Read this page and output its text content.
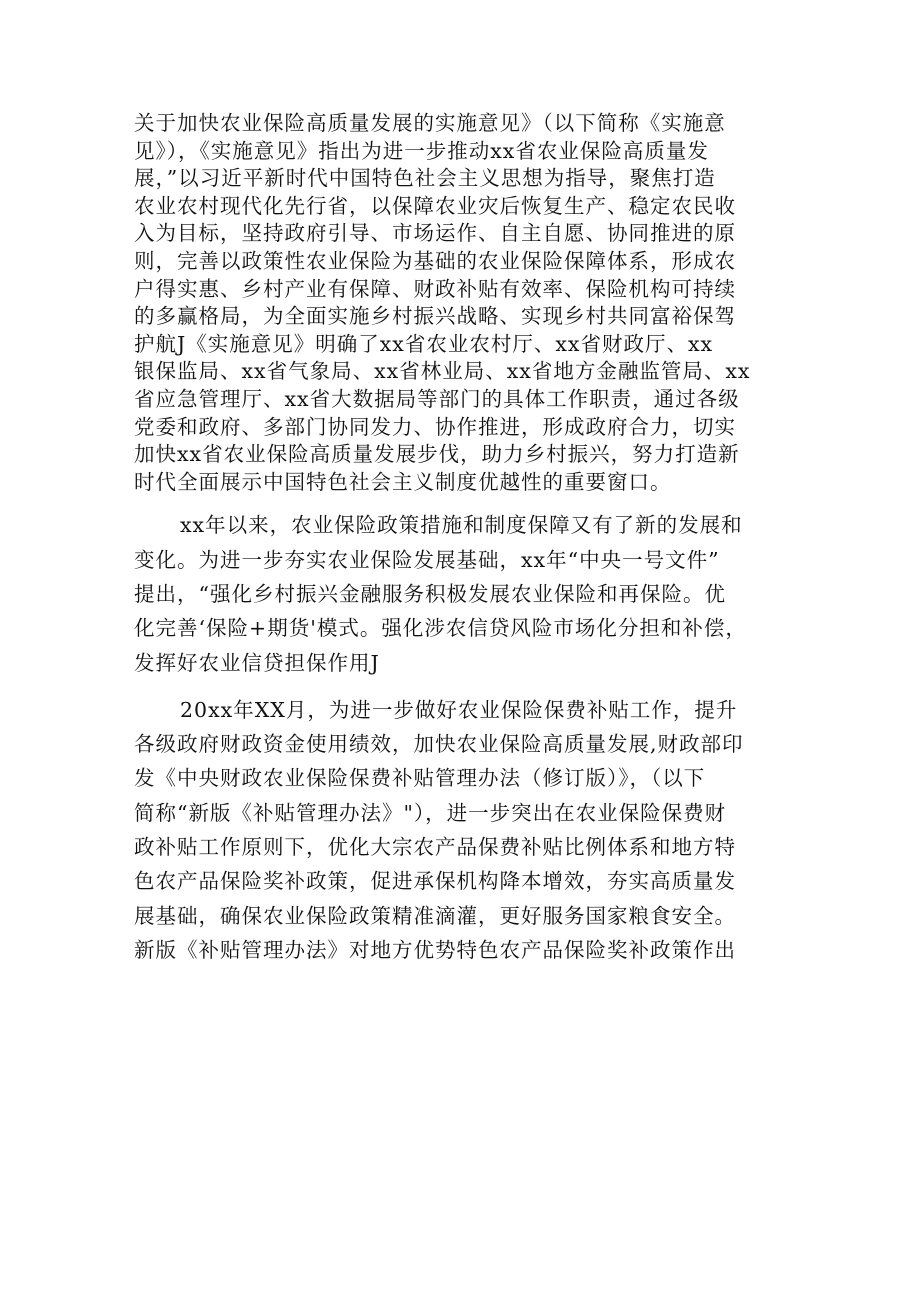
关于加快农业保险高质量发展的实施意见》（以下简称《实施意
见》），《实施意见》指出为进一步推动xx省农业保险高质量发
展，”以习近平新时代中国特色社会主义思想为指导，聚焦打造
农业农村现代化先行省，以保障农业灾后恢复生产、稳定农民收
入为目标，坚持政府引导、市场运作、自主自愿、协同推进的原
则，完善以政策性农业保险为基础的农业保险保障体系，形成农
户得实惠、乡村产业有保障、财政补贴有效率、保险机构可持续
的多赢格局，为全面实施乡村振兴战略、实现乡村共同富裕保驾
护航J《实施意见》明确了xx省农业农村厅、xx省财政厅、xx
银保监局、xx省气象局、xx省林业局、xx省地方金融监管局、xx
省应急管理厅、xx省大数据局等部门的具体工作职责，通过各级
党委和政府、多部门协同发力、协作推进，形成政府合力，切实
加快xx省农业保险高质量发展步伐，助力乡村振兴，努力打造新
时代全面展示中国特色社会主义制度优越性的重要窗口。
xx年以来，农业保险政策措施和制度保障又有了新的发展和
变化。为进一步夯实农业保险发展基础，xx年“中央一号文件”
提出，“强化乡村振兴金融服务积极发展农业保险和再保险。优
化完善‘保险+期货'模式。强化涉农信贷风险市场化分担和补偿，
发挥好农业信贷担保作用J
20xx年XX月，为进一步做好农业保险保费补贴工作，提升
各级政府财政资金使用绩效，加快农业保险高质量发展,财政部印
发《中央财政农业保险保费补贴管理办法（修订版）》，（以下
简称“新版《补贴管理办法》"），进一步突出在农业保险保费财
政补贴工作原则下，优化大宗农产品保费补贴比例体系和地方特
色农产品保险奖补政策，促进承保机构降本增效，夯实高质量发
展基础，确保农业保险政策精准滴灌，更好服务国家粮食安全。
新版《补贴管理办法》对地方优势特色农产品保险奖补政策作出
